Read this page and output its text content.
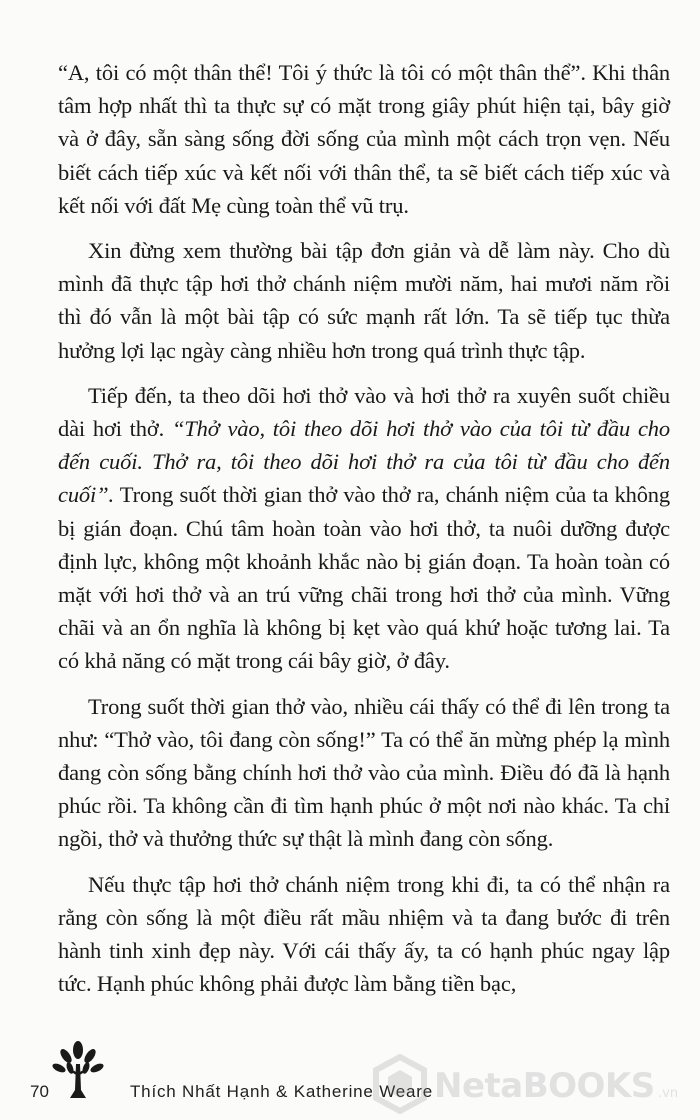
“A, tôi có một thân thể! Tôi ý thức là tôi có một thân thể”. Khi thân tâm hợp nhất thì ta thực sự có mặt trong giây phút hiện tại, bây giờ và ở đây, sẵn sàng sống đời sống của mình một cách trọn vẹn. Nếu biết cách tiếp xúc và kết nối với thân thể, ta sẽ biết cách tiếp xúc và kết nối với đất Mẹ cùng toàn thể vũ trụ.

Xin đừng xem thường bài tập đơn giản và dễ làm này. Cho dù mình đã thực tập hơi thở chánh niệm mười năm, hai mươi năm rồi thì đó vẫn là một bài tập có sức mạnh rất lớn. Ta sẽ tiếp tục thừa hưởng lợi lạc ngày càng nhiều hơn trong quá trình thực tập.

Tiếp đến, ta theo dõi hơi thở vào và hơi thở ra xuyên suốt chiều dài hơi thở. “Thở vào, tôi theo dõi hơi thở vào của tôi từ đầu cho đến cuối. Thở ra, tôi theo dõi hơi thở ra của tôi từ đầu cho đến cuối”. Trong suốt thời gian thở vào thở ra, chánh niệm của ta không bị gián đoạn. Chú tâm hoàn toàn vào hơi thở, ta nuôi dưỡng được định lực, không một khoảnh khắc nào bị gián đoạn. Ta hoàn toàn có mặt với hơi thở và an trú vững chãi trong hơi thở của mình. Vững chãi và an ổn nghĩa là không bị kẹt vào quá khứ hoặc tương lai. Ta có khả năng có mặt trong cái bây giờ, ở đây.

Trong suốt thời gian thở vào, nhiều cái thấy có thể đi lên trong ta như: “Thở vào, tôi đang còn sống!” Ta có thể ăn mừng phép lạ mình đang còn sống bằng chính hơi thở vào của mình. Điều đó đã là hạnh phúc rồi. Ta không cần đi tìm hạnh phúc ở một nơi nào khác. Ta chỉ ngồi, thở và thưởng thức sự thật là mình đang còn sống.

Nếu thực tập hơi thở chánh niệm trong khi đi, ta có thể nhận ra rằng còn sống là một điều rất mầu nhiệm và ta đang bước đi trên hành tinh xinh đẹp này. Với cái thấy ấy, ta có hạnh phúc ngay lập tức. Hạnh phúc không phải được làm bằng tiền bạc,

70	Thích Nhất Hạnh & Katherine Weare NetaBOOKS .vn
